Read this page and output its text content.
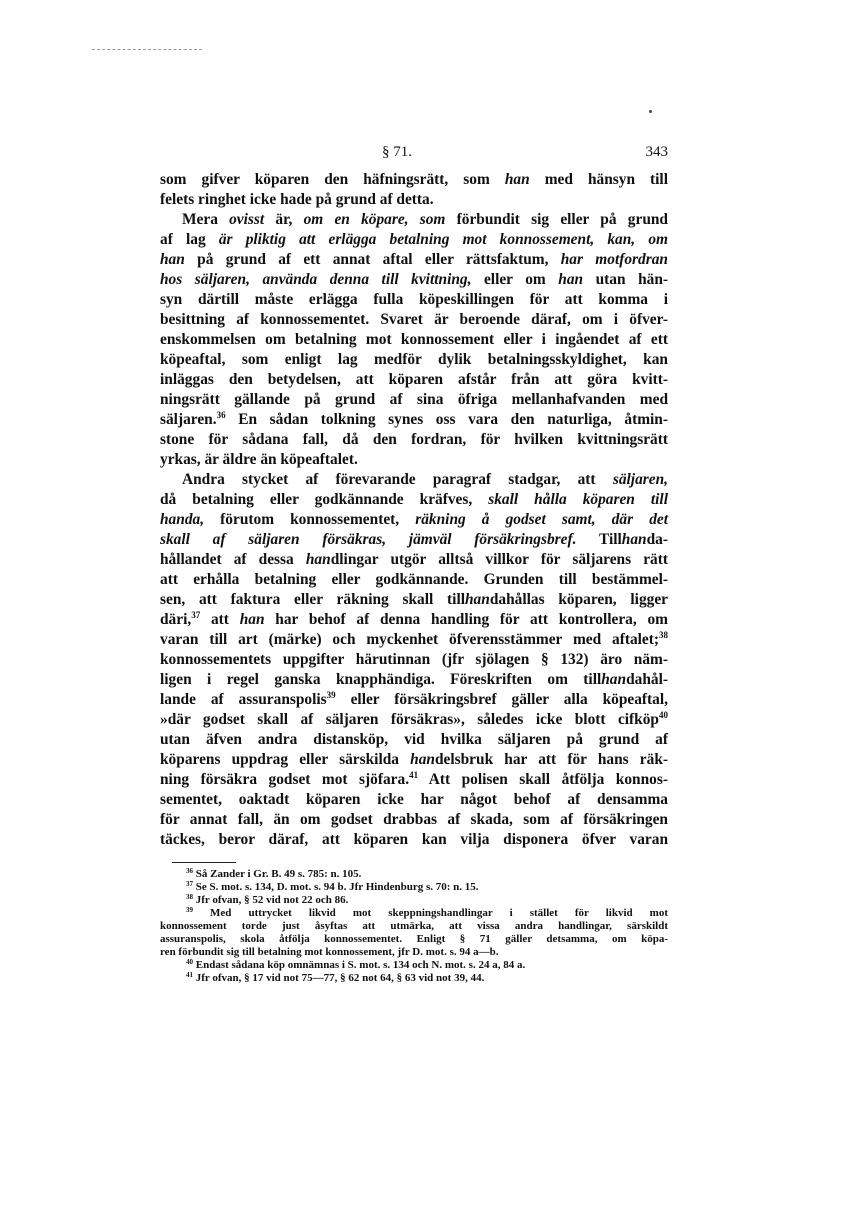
§ 71.	343
som gifver köparen den häfningsrätt, som han med hänsyn till
felets ringhet icke hade på grund af detta.
Mera ovisst är, om en köpare, som förbundit sig eller på grund
af lag är pliktig att erlägga betalning mot konnossement, kan, om
han på grund af ett annat aftal eller rättsfaktum, har motfordran
hos säljaren, använda denna till kvittning, eller om han utan hän-
syn därtill måste erlägga fulla köpeskillingen för att komma i
besittning af konnossementet. Svaret är beroende däraf, om i öfver-
enskommelsen om betalning mot konnossement eller i ingåendet af ett
köpeaftal, som enligt lag medför dylik betalningsskyldighet, kan
inläggas den betydelsen, att köparen afstår från att göra kvitt-
ningsrätt gällande på grund af sina öfriga mellanhafvanden med
säljaren.$^{36}$ En sådan tolkning synes oss vara den naturliga, åtmin-
stone för sådana fall, då den fordran, för hvilken kvittningsrätt
yrkas, är äldre än köpeaftalet.
Andra stycket af förevarande paragraf stadgar, att säljaren,
då betalning eller godkännande kräfves, skall hålla köparen till
handa, förutom konnossementet, räkning å godset samt, där det
skall af säljaren försäkras, jämväl försäkringsbref. Tillhanda-
hållandet af dessa handlingar utgör alltså villkor för säljarens rätt
att erhålla betalning eller godkännande. Grunden till bestämmel-
sen, att faktura eller räkning skall tillhandahållas köparen, ligger
däri,$^{37}$ att han har behof af denna handling för att kontrollera, om
varan till art (märke) och myckenhet öfverensstämmer med aftalet;$^{38}$
konnossementets uppgifter härutinnan (jfr sjölagen § 132) äro näm-
ligen i regel ganska knapphändiga. Föreskriften om tillhandahål-
lande af assuranspolis$^{39}$ eller försäkringsbref gäller alla köpeaftal,
»där godset skall af säljaren försäkras», således icke blott cifköp$^{40}$
utan äfven andra distansköp, vid hvilka säljaren på grund af
köparens uppdrag eller särskilda handelsbruk har att för hans räk-
ning försäkra godset mot sjöfara.$^{41}$ Att polisen skall åtfölja konnos-
sementet, oaktadt köparen icke har något behof af densamma
för annat fall, än om godset drabbas af skada, som af försäkringen
täckes, beror däraf, att köparen kan vilja disponera öfver varan
$^{36}$ Så Zander i Gr. B. 49 s. 785: n. 105.
$^{37}$ Se S. mot. s. 134, D. mot. s. 94 b. Jfr Hindenburg s. 70: n. 15.
$^{38}$ Jfr ofvan, § 52 vid not 22 och 86.
$^{39}$ Med uttrycket likvid mot skeppningshandlingar i stället för likvid mot
konnossement torde just åsyftas att utmärka, att vissa andra handlingar, särskildt
assuranspolis, skola åtfölja konnossementet. Enligt § 71 gäller detsamma, om köpa-
ren förbundit sig till betalning mot konnossement, jfr D. mot. s. 94 a—b.
$^{40}$ Endast sådana köp omnämnas i S. mot. s. 134 och N. mot. s. 24 a, 84 a.
$^{41}$ Jfr ofvan, § 17 vid not 75—77, § 62 not 64, § 63 vid not 39, 44.
